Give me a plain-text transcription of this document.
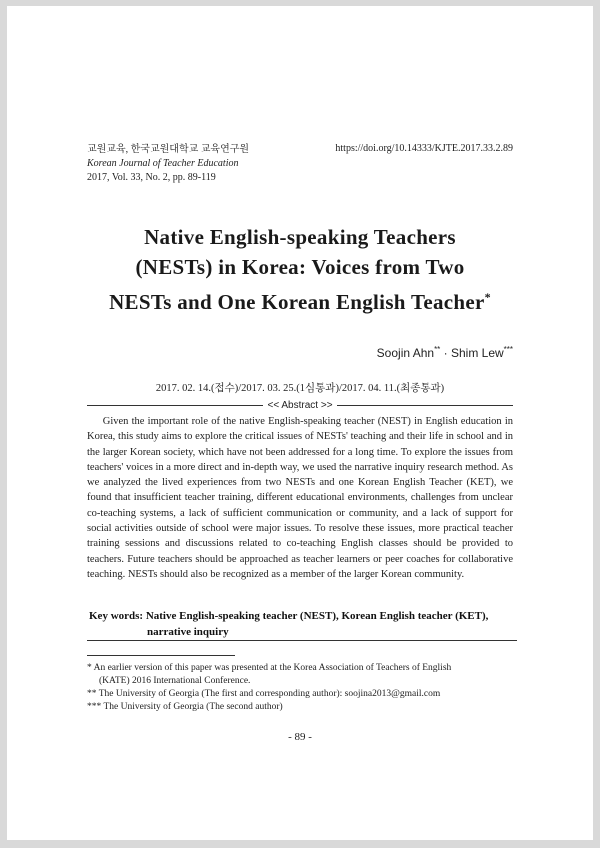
교원교육, 한국교원대학교 교육연구원
Korean Journal of Teacher Education
2017, Vol. 33, No. 2, pp. 89-119
https://doi.org/10.14333/KJTE.2017.33.2.89
Native English-speaking Teachers
(NESTs) in Korea: Voices from Two
NESTs and One Korean English Teacher*
Soojin Ahn** · Shim Lew***
2017. 02. 14.(접수)/2017. 03. 25.(1심통과)/2017. 04. 11.(최종통과)
<< Abstract >>

Given the important role of the native English-speaking teacher (NEST) in English education in Korea, this study aims to explore the critical issues of NESTs' teaching and their life in school and in the larger Korean society, which have not been addressed for a long time. To explore the issues from teachers' voices in a more direct and in-depth way, we used the narrative inquiry research method. As we analyzed the lived experiences from two NESTs and one Korean English Teacher (KET), we found that insufficient teacher training, different educational environments, challenges from unclear co-teaching systems, a lack of sufficient communication or community, and a lack of support for social activities outside of school were major issues. To resolve these issues, more practical teacher training sessions and discussions related to co-teaching English classes should be provided to teachers. Future teachers should be approached as teacher learners or peer coaches for collaborative teaching. NESTs should also be recognized as a member of the larger Korean community.

Key words: Native English-speaking teacher (NEST), Korean English teacher (KET),
narrative inquiry

* An earlier version of this paper was presented at the Korea Association of Teachers of English

(KATE) 2016 International Conference.

** The University of Georgia (The first and corresponding author): soojina2013@gmail.com

*** The University of Georgia (The second author)

- 89 -
